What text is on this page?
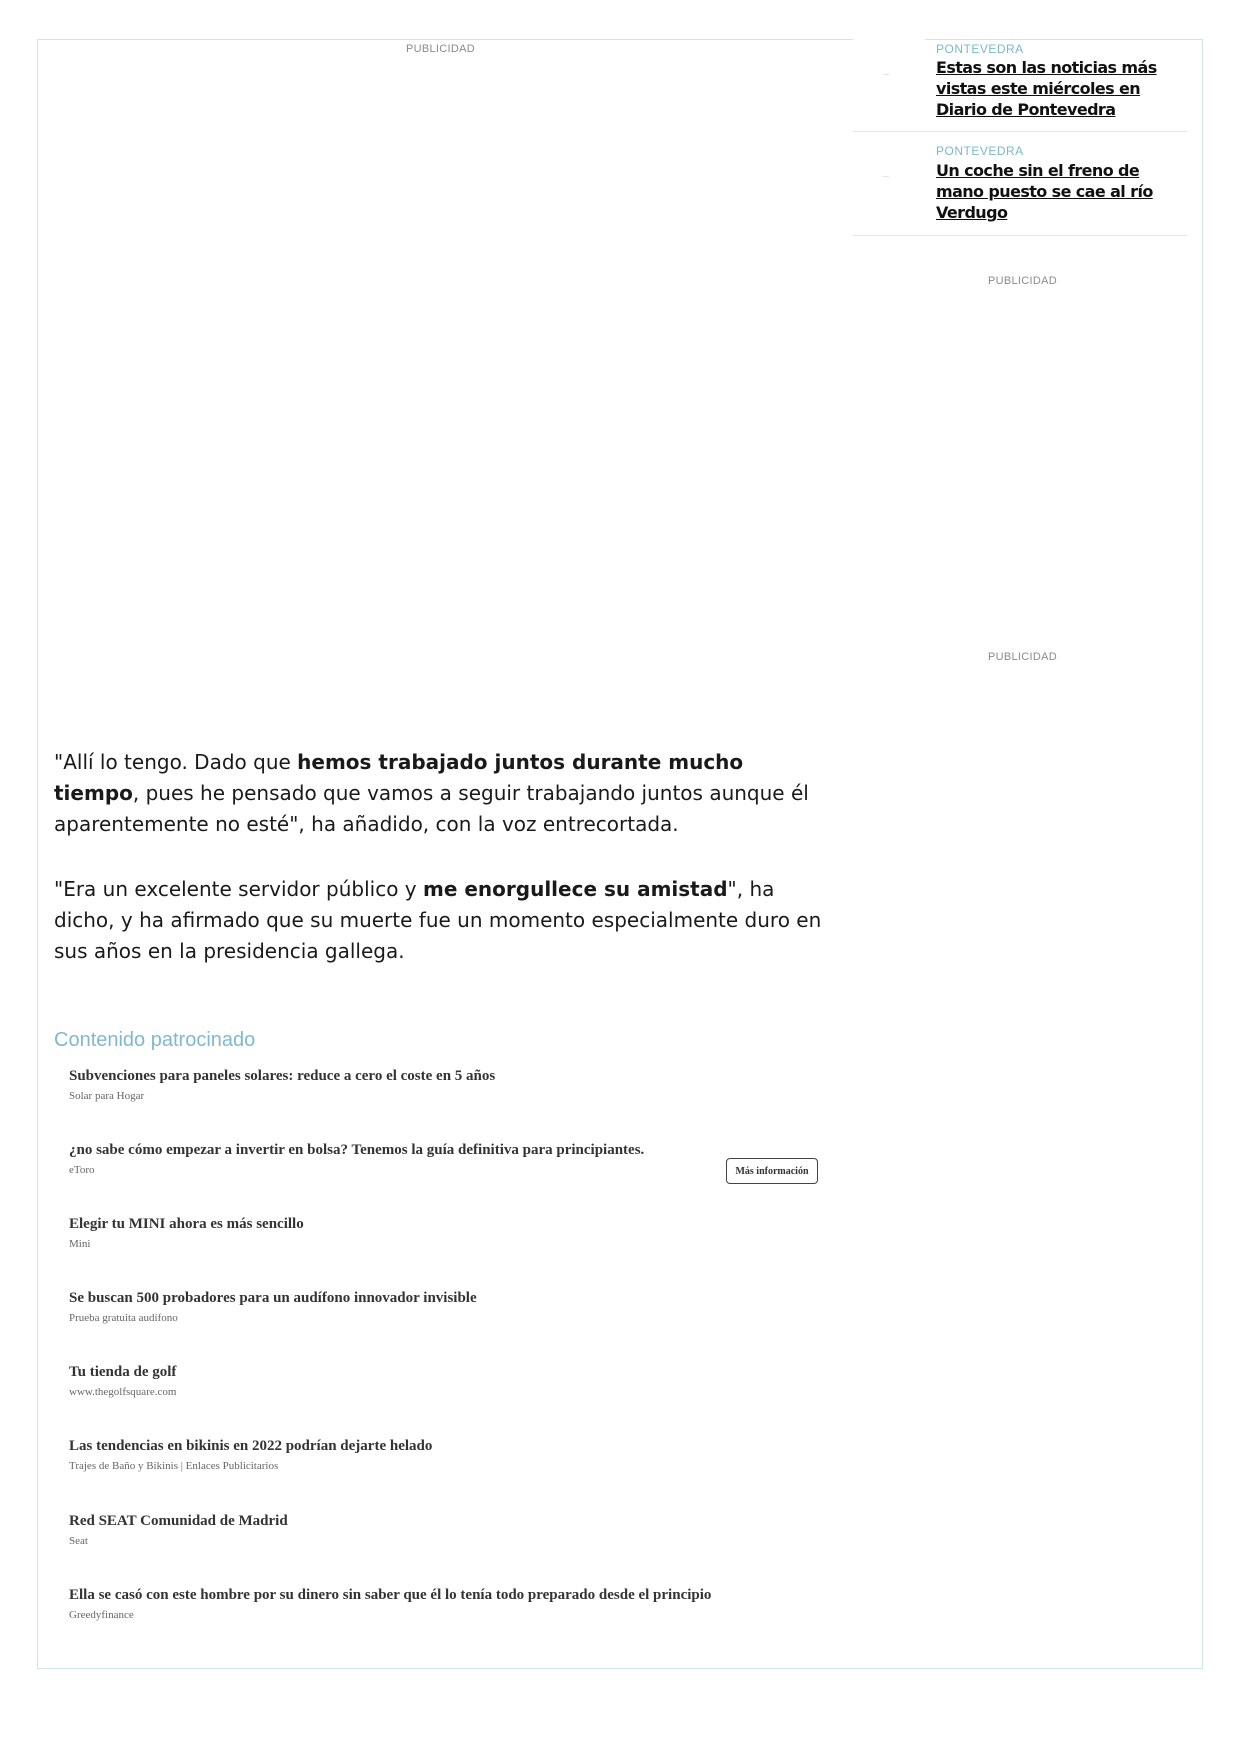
PUBLICIDAD	PONTEVEDRA
Estas son las noticias más vistas este miércoles en Diario de Pontevedra
PONTEVEDRA
Un coche sin el freno de mano puesto se cae al río Verdugo
PUBLICIDAD
PUBLICIDAD

"Allí lo tengo. Dado que hemos trabajado juntos durante mucho tiempo, pues he pensado que vamos a seguir trabajando juntos aunque él aparentemente no esté", ha añadido, con la voz entrecortada.

"Era un excelente servidor público y me enorgullece su amistad", ha dicho, y ha afirmado que su muerte fue un momento especialmente duro en sus años en la presidencia gallega.

Contenido patrocinado
Subvenciones para paneles solares: reduce a cero el coste en 5 años
Solar para Hogar
¿no sabe cómo empezar a invertir en bolsa? Tenemos la guía definitiva para principiantes.
eToro	Más información
Elegir tu MINI ahora es más sencillo
Mini
Se buscan 500 probadores para un audífono innovador invisible
Prueba gratuita audífono
Tu tienda de golf
www.thegolfsquare.com
Las tendencias en bikinis en 2022 podrían dejarte helado
Trajes de Baño y Bikinis | Enlaces Publicitarios
Red SEAT Comunidad de Madrid
Seat
Ella se casó con este hombre por su dinero sin saber que él lo tenía todo preparado desde el principio
Greedyfinance
